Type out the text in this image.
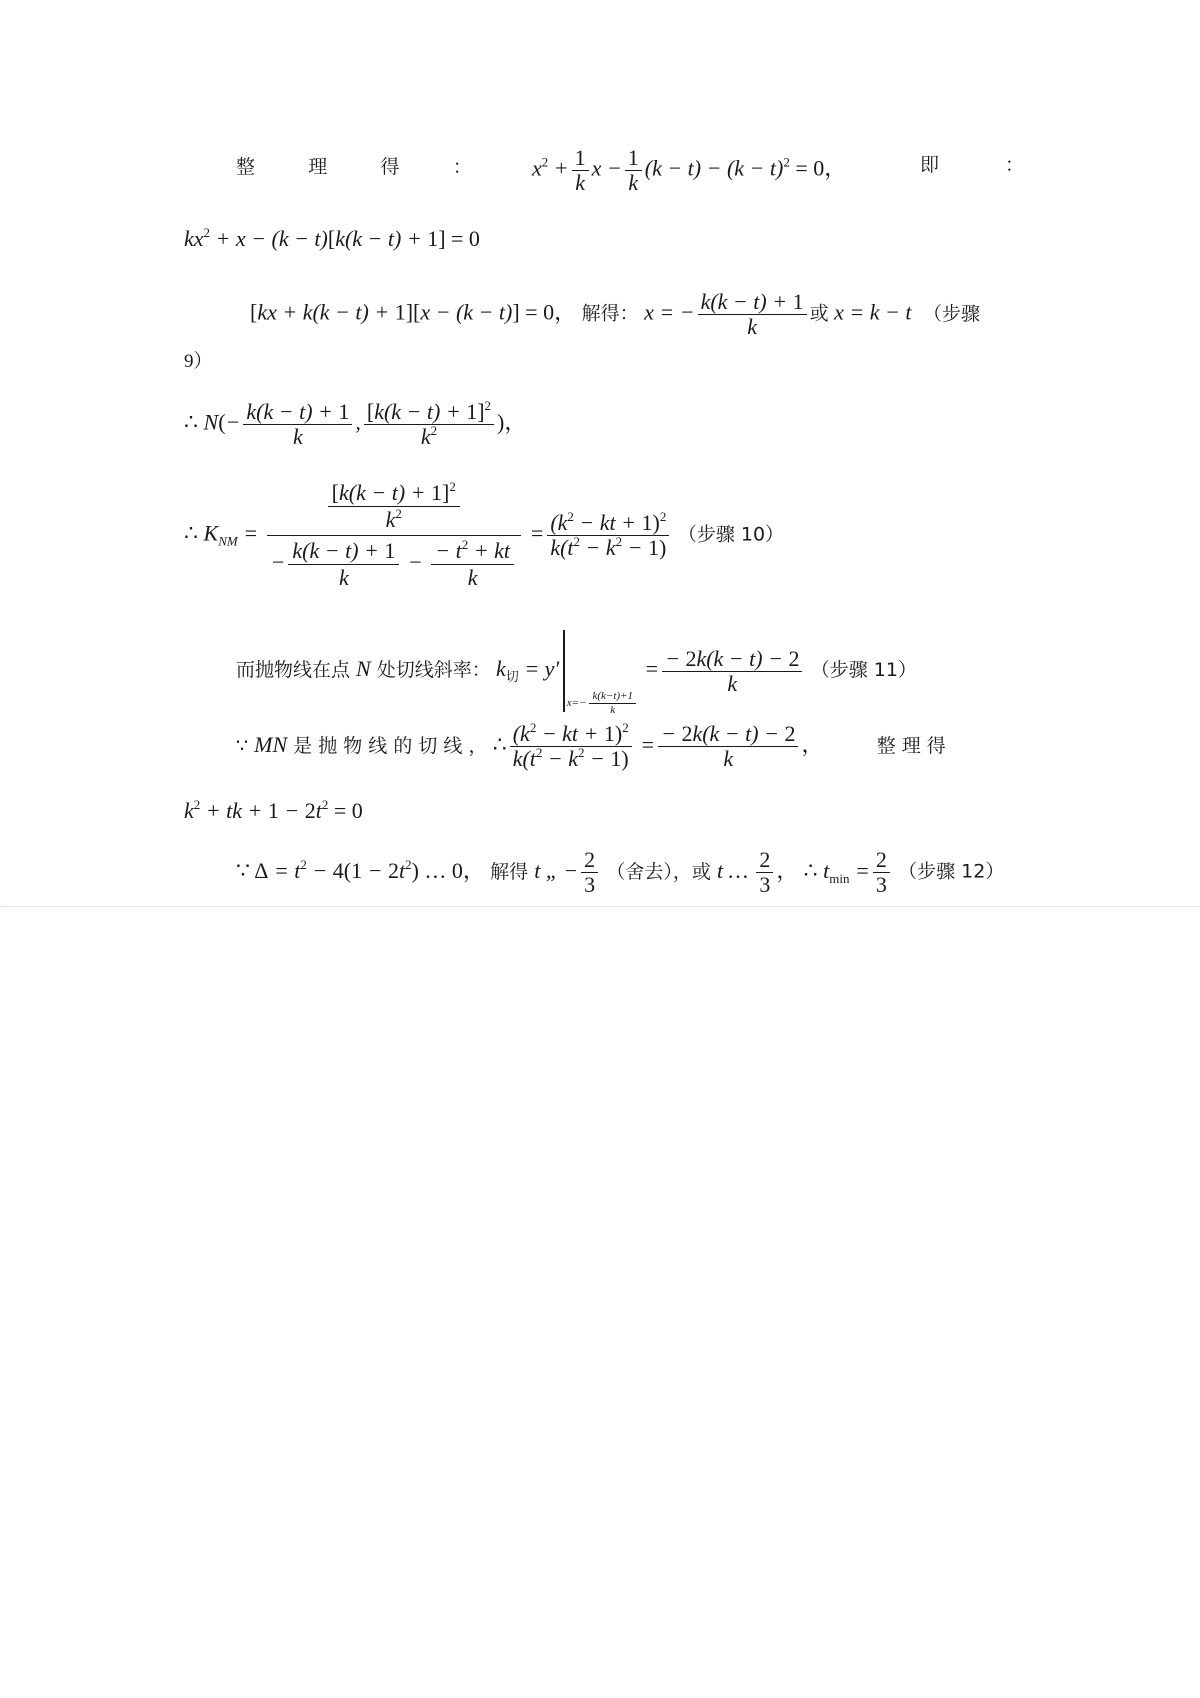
整	理	得	：	$x^2 + \frac{1}{k}$ $x - \frac{1}{k} (k - t) - (k - t)^2 = 0$，	即	：
$kx^2 + x - (k - t)[k(k - t) + 1] = 0$
[kx + k(k − t) + 1][x − (k − t)] = 0， 解得： x = − $\frac{k(k - t) + 1}{k}$ 或 x = k − t （步骤
9）
∴ $N(- \frac{k(k - t) + 1}{k}$ , $\frac{[k(k - t) + 1]^2}{k^2}$ )，
∴ $K_{NM} = \frac{\frac{[k(k - t) + 1]^2}{k^2}}{- \frac{k(k - t) + 1}{k} - \frac{- t^2 + kt}{k}} = \frac{(k^2 - kt + 1)^2}{k(t^2 - k^2 - 1)}$ （步骤 10）
而抛物线在点 N 处切线斜率： $k_切 = y'_{x=- \frac{k(k-t)+1}{k}}$
= $\frac{- 2k(k - t) - 2}{k}$ （步骤 11）
∵ MN 是 抛 物 线 的 切 线 ， ∴ $\frac{(k^2 - kt + 1)^2}{k(t^2 - k^2 - 1)} = \frac{- 2k(k - t) - 2}{k}$ ，	整 理 得
$k^2$ + tk + $1 - 2t^2 = 0$
∵ $\Delta = t^2 - 4(1 - 2t^2)$ … 0， 解得 t „ − $\frac{2}{3}$ （舍去），或 t … $\frac{2}{3}$ ， ∴ $t_{min} = \frac{2}{3}$ （步骤 12）
